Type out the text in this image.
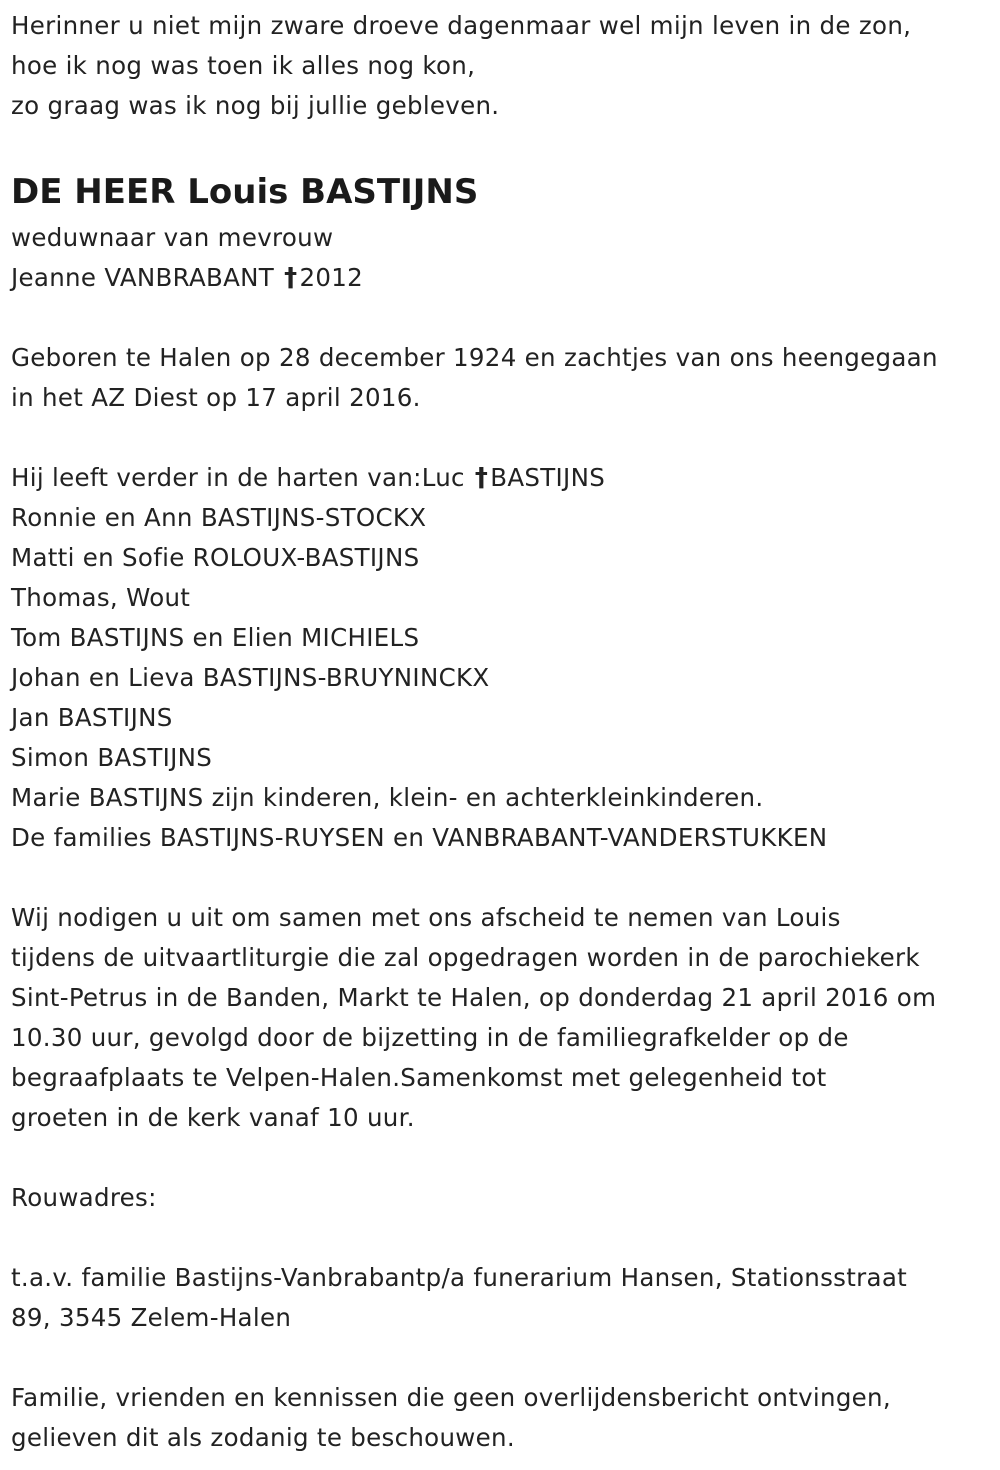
Herinner u niet mijn zware droeve dagenmaar wel mijn leven in de zon,
hoe ik nog was toen ik alles nog kon,
zo graag was ik nog bij jullie gebleven.
DE HEER Louis BASTIJNS
weduwnaar van mevrouw
Jeanne VANBRABANT †2012
Geboren te Halen op 28 december 1924 en zachtjes van ons heengegaan
in het AZ Diest op 17 april 2016.
Hij leeft verder in de harten van:Luc †BASTIJNS
Ronnie en Ann BASTIJNS-STOCKX
Matti en Sofie ROLOUX-BASTIJNS
Thomas, Wout
Tom BASTIJNS en Elien MICHIELS
Johan en Lieva BASTIJNS-BRUYNINCKX
Jan BASTIJNS
Simon BASTIJNS
Marie BASTIJNS zijn kinderen, klein- en achterkleinkinderen.
De families BASTIJNS-RUYSEN en VANBRABANT-VANDERSTUKKEN
Wij nodigen u uit om samen met ons afscheid te nemen van Louis
tijdens de uitvaartliturgie die zal opgedragen worden in de parochiekerk
Sint-Petrus in de Banden, Markt te Halen, op donderdag 21 april 2016 om
10.30 uur, gevolgd door de bijzetting in de familiegrafkelder op de
begraafplaats te Velpen-Halen.Samenkomst met gelegenheid tot
groeten in de kerk vanaf 10 uur.
Rouwadres:
t.a.v. familie Bastijns-Vanbrabantp/a funerarium Hansen, Stationsstraat
89, 3545 Zelem-Halen
Familie, vrienden en kennissen die geen overlijdensbericht ontvingen,
gelieven dit als zodanig te beschouwen.
